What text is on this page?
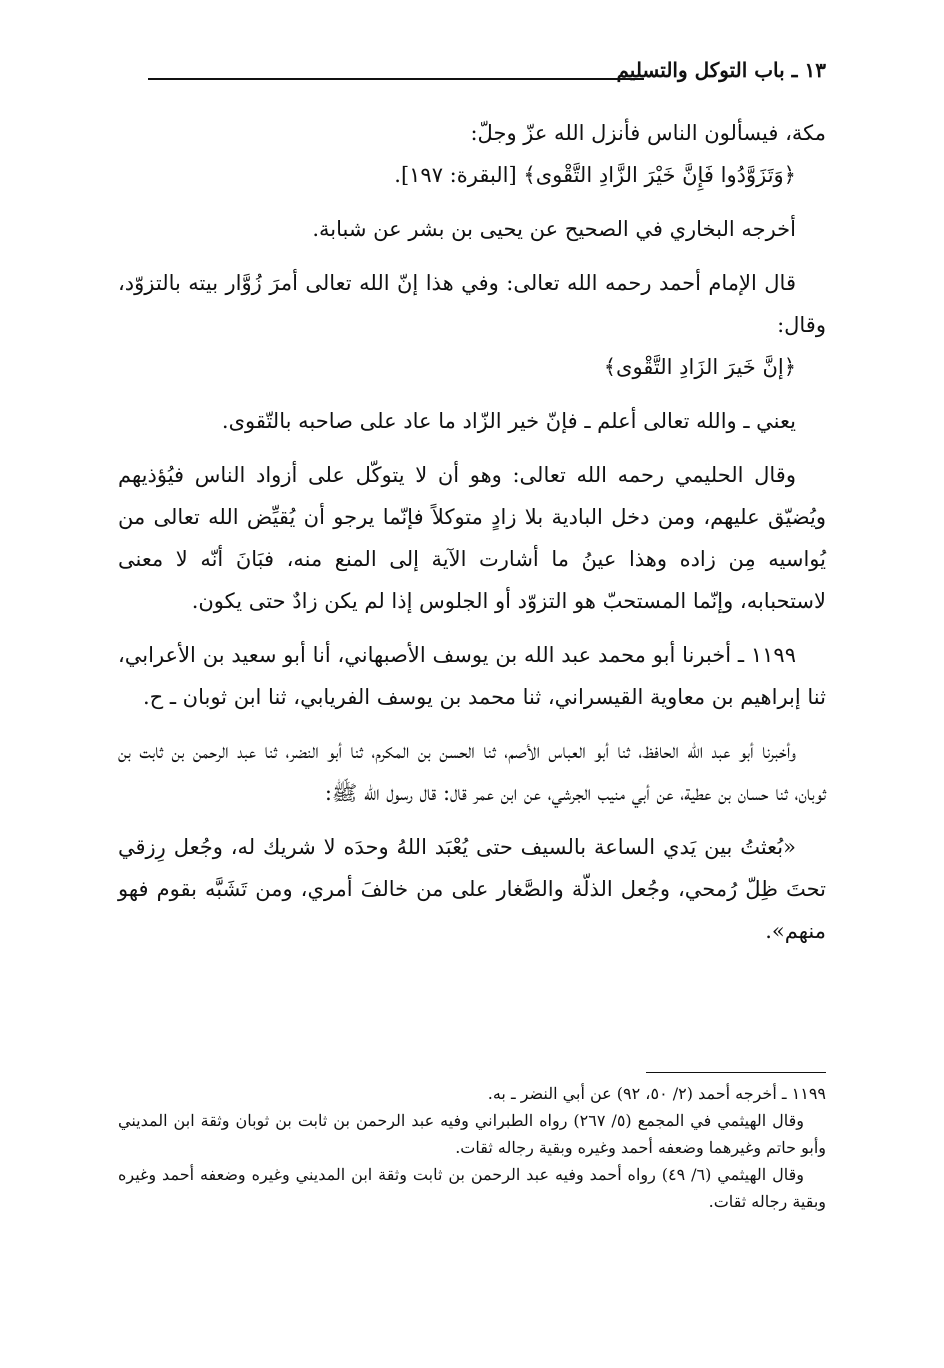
١٣ ـ باب التوكل والتسليم

مكة، فيسألون الناس فأنزل الله عزّ وجلّ:

﴿وَتَزَوَّدُوا فَإِنَّ خَيْرَ الزَّادِ التَّقْوى﴾ [البقرة: ١٩٧].

أخرجه البخاري في الصحيح عن يحيى بن بشر عن شبابة.

قال الإمام أحمد رحمه الله تعالى: وفي هذا إنّ الله تعالى أمرَ زُوَّار بيته بالتزوّد، وقال:

﴿إنَّ خَيرَ الزَادِ التَّقْوى﴾

يعني ـ والله تعالى أعلم ـ فإنّ خير الزّاد ما عاد على صاحبه بالتّقوى.

وقال الحليمي رحمه الله تعالى: وهو أن لا يتوكّل على أزواد الناس فيُؤذيهم ويُضيّق عليهم، ومن دخل البادية بلا زادٍ متوكلاً فإنّما يرجو أن يُقيِّض الله تعالى من يُواسيه مِن زاده وهذا عينُ ما أشارت الآية إلى المنع منه، فبَانَ أنّه لا معنى لاستحبابه، وإنّما المستحبّ هو التزوّد أو الجلوس إذا لم يكن زادٌ حتى يكون.

١١٩٩ ـ أخبرنا أبو محمد عبد الله بن يوسف الأصبهاني، أنا أبو سعيد بن الأعرابي، ثنا إبراهيم بن معاوية القيسراني، ثنا محمد بن يوسف الفريابي، ثنا ابن ثوبان ـ ح.

وأخبرنا أبو عبد الله الحافظ، ثنا أبو العباس الأصم، ثنا الحسن بن المكرم، ثنا أبو النضر، ثنا عبد الرحمن بن ثابت بن ثوبان، ثنا حسان بن عطية، عن أبي منيب الجرشي، عن ابن عمر قال: قال رسول الله ﷺ:

«بُعثتُ بين يَدي الساعة بالسيف حتى يُعْبَد اللهُ وحدَه لا شريك له، وجُعل رِزقي تحتَ ظِلّ رُمحي، وجُعل الذلّة والصَّغار على من خالفَ أمري، ومن تَشَبَّه بقوم فهو منهم».

١١٩٩ ـ أخرجه أحمد (٢/ ٥٠، ٩٢) عن أبي النضر ـ به.

وقال الهيثمي في المجمع (٥/ ٢٦٧) رواه الطبراني وفيه عبد الرحمن بن ثابت بن ثوبان وثقة ابن المديني وأبو حاتم وغيرهما وضعفه أحمد وغيره وبقية رجاله ثقات.

وقال الهيثمي (٦/ ٤٩) رواه أحمد وفيه عبد الرحمن بن ثابت وثقة ابن المديني وغيره وضعفه أحمد وغيره وبقية رجاله ثقات.
